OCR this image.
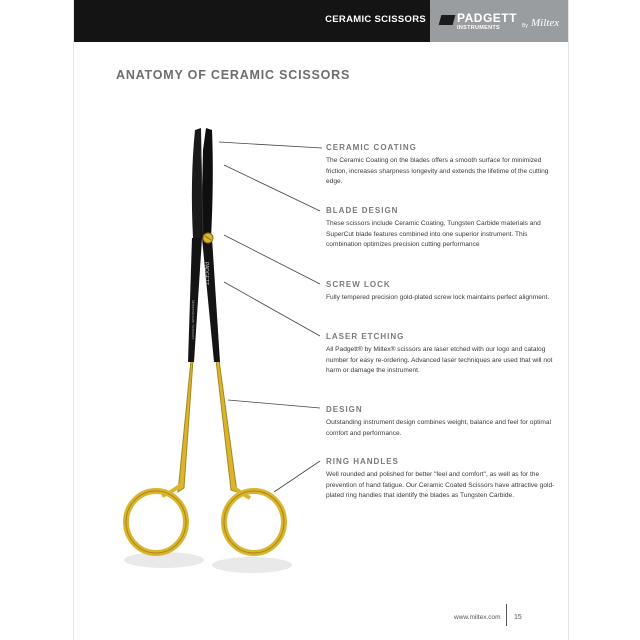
CERAMIC SCISSORS	PADGETT
INSTRUMENTS	By Miltex
ANATOMY OF CERAMIC SCISSORS
PADGETT
Metzenbaum Scissors
CERAMIC COATING
The Ceramic Coating on the blades offers a smooth surface for minimized friction, increases sharpness longevity and extends the lifetime of the cutting edge.
BLADE DESIGN
These scissors include Ceramic Coating, Tungsten Carbide materials and SuperCut blade features combined into one superior instrument. This combination optimizes precision cutting performance
SCREW LOCK
Fully tempered precision gold-plated screw lock maintains perfect alignment.
LASER ETCHING
All Padgett® by Miltex® scissors are laser etched with our logo and catalog number for easy re-ordering. Advanced laser techniques are used that will not harm or damage the instrument.
DESIGN
Outstanding instrument design combines weight, balance and feel for optimal comfort and performance.
RING HANDLES
Well rounded and polished for better "feel and comfort", as well as for the prevention of hand fatigue. Our Ceramic Coated Scissors have attractive gold-plated ring handles that identify the blades as Tungsten Carbide.
www.miltex.com 15
